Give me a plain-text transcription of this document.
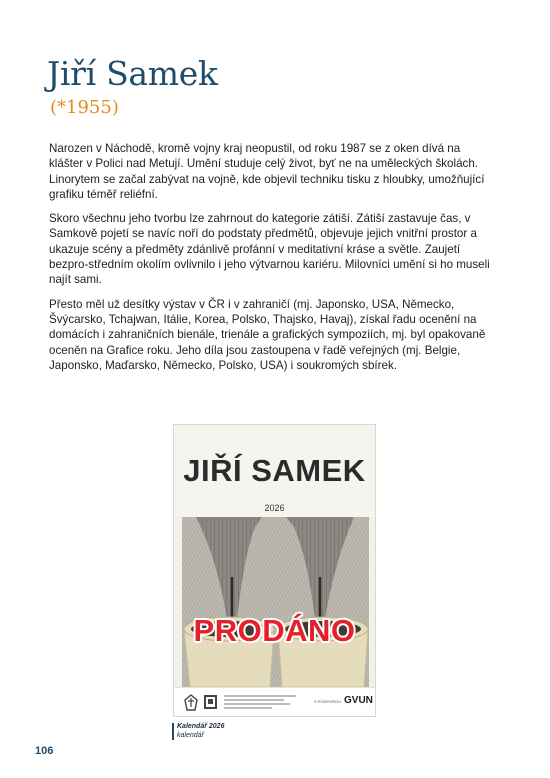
Jiří Samek
(*1955)

Narozen v Náchodě, kromě vojny kraj neopustil, od roku 1987 se z oken dívá na klášter v Polici nad Metují. Umění studuje celý život, byť ne na uměleckých školách. Linorytem se začal zabývat na vojně, kde objevil techniku tisku z hloubky, umožňující grafiku téměř reliéfní.

Skoro všechnu jeho tvorbu lze zahrnout do kategorie zátiší. Zátiší zastavuje čas, v Samkově pojetí se navíc noří do podstaty předmětů, objevuje jejich vnitřní prostor a ukazuje scény a předměty zdánlivě profánní v meditativní kráse a světle. Zaujetí bezpro-středním okolím ovlivnilo i jeho výtvarnou kariéru. Milovníci umění si ho museli najít sami.

Přesto měl už desítky výstav v ČR i v zahraničí (mj. Japonsko, USA, Německo, Švýcarsko, Tchajwan, Itálie, Korea, Polsko, Thajsko, Havaj), získal řadu ocenění na domácích i zahraničních bienále, trienále a grafických sympoziích, mj. byl opakovaně oceněn na Grafice roku. Jeho díla jsou zastoupena v řadě veřejných (mj. Belgie, Japonsko, Maďarsko, Německo, Polsko, USA) i soukromých sbírek.

JIŘÍ SAMEK
2026
PRODÁNO
S PODPOROU GVUN
Kalendář 2026
kalendář
106
